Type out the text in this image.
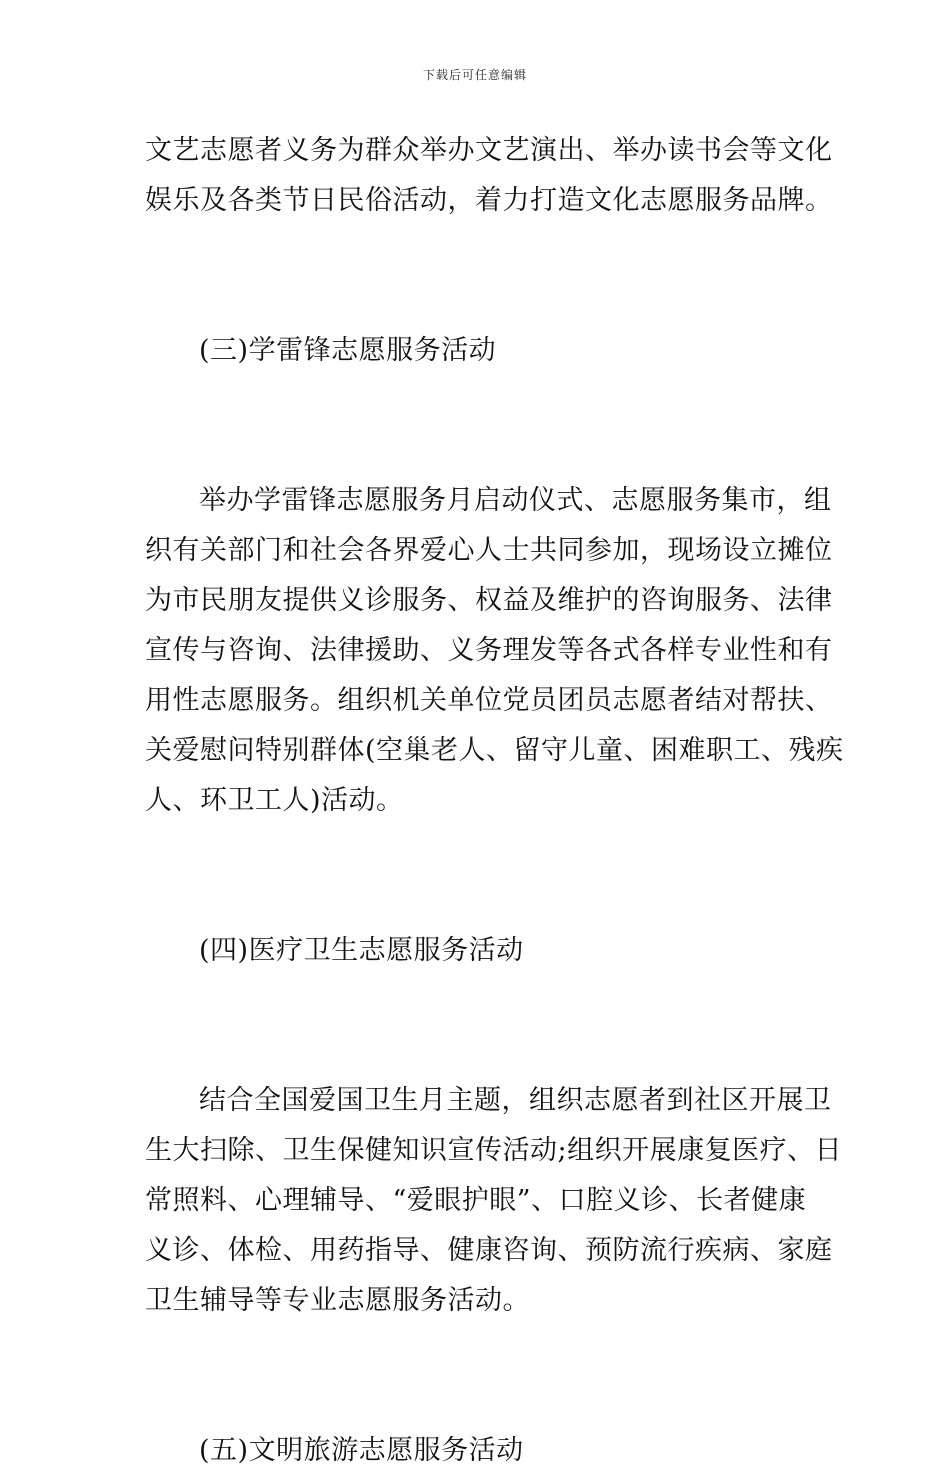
下载后可任意编辑

文艺志愿者义务为群众举办文艺演出、举办读书会等文化
娱乐及各类节日民俗活动，着力打造文化志愿服务品牌。

(三)学雷锋志愿服务活动

举办学雷锋志愿服务月启动仪式、志愿服务集市，组
织有关部门和社会各界爱心人士共同参加，现场设立摊位
为市民朋友提供义诊服务、权益及维护的咨询服务、法律
宣传与咨询、法律援助、义务理发等各式各样专业性和有
用性志愿服务。组织机关单位党员团员志愿者结对帮扶、
关爱慰问特别群体(空巢老人、留守儿童、困难职工、残疾
人、环卫工人)活动。

(四)医疗卫生志愿服务活动

结合全国爱国卫生月主题，组织志愿者到社区开展卫
生大扫除、卫生保健知识宣传活动;组织开展康复医疗、日
常照料、心理辅导、“爱眼护眼”、口腔义诊、长者健康
义诊、体检、用药指导、健康咨询、预防流行疾病、家庭
卫生辅导等专业志愿服务活动。

(五)文明旅游志愿服务活动
